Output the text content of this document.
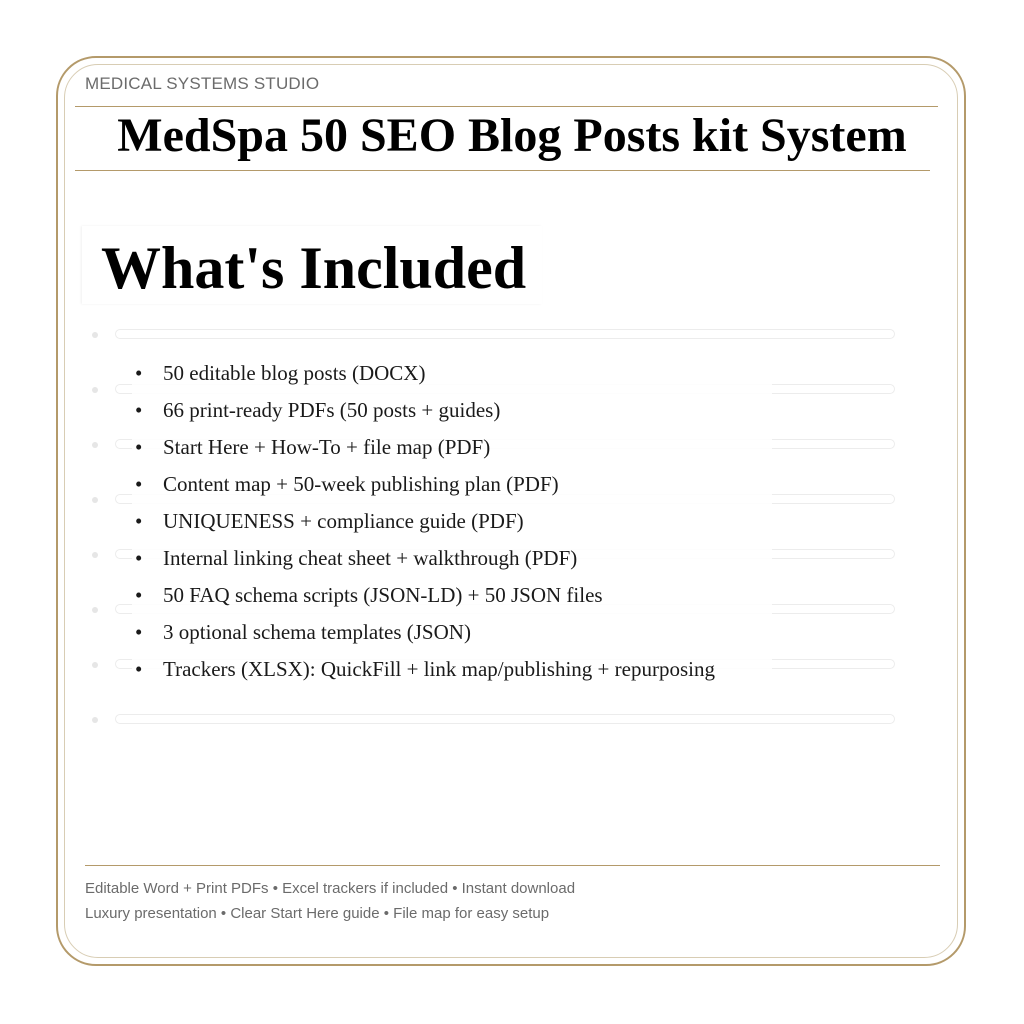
MEDICAL SYSTEMS STUDIO
MedSpa 50 SEO Blog Posts kit System
What's Included
• 50 editable blog posts (DOCX)
• 66 print-ready PDFs (50 posts + guides)
• Start Here + How-To + file map (PDF)
• Content map + 50-week publishing plan (PDF)
• UNIQUENESS + compliance guide (PDF)
• Internal linking cheat sheet + walkthrough (PDF)
• 50 FAQ schema scripts (JSON-LD) + 50 JSON files
• 3 optional schema templates (JSON)
• Trackers (XLSX): QuickFill + link map/publishing + repurposing
Editable Word + Print PDFs • Excel trackers if included • Instant download
Luxury presentation • Clear Start Here guide • File map for easy setup
